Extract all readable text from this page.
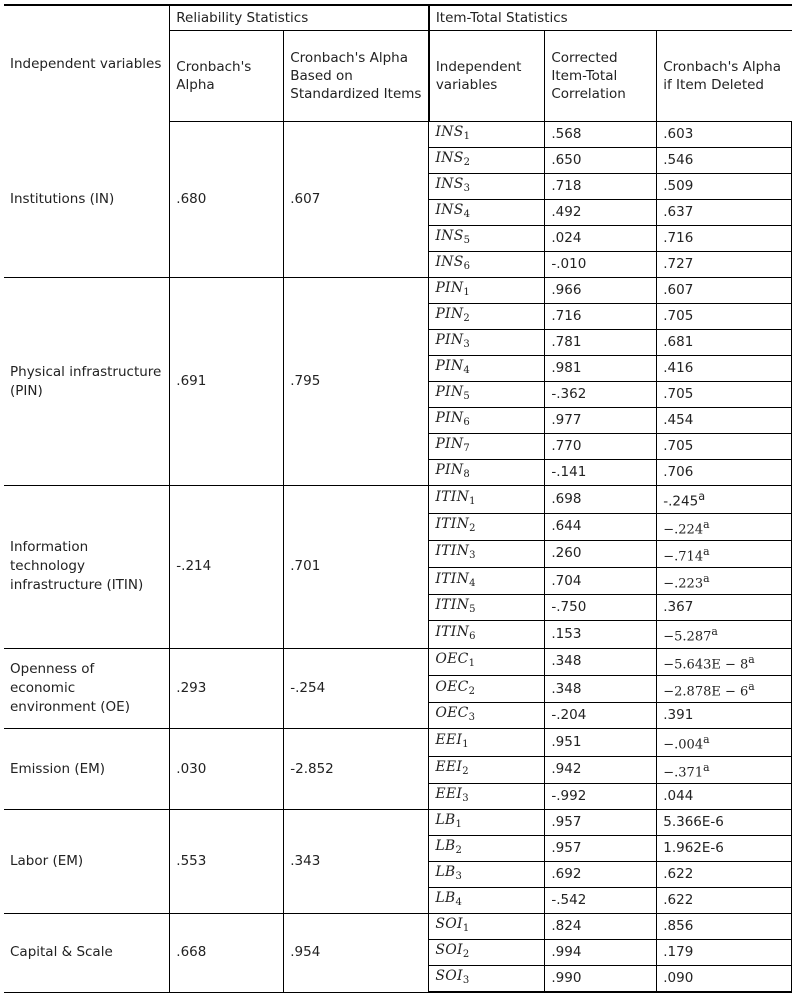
Independent variables	Reliability Statistics		Item-Total Statistics		
	Cronbach's Alpha	Cronbach's Alpha Based on Standardized Items	Independent variables	Corrected Item-Total Correlation	Cronbach's Alpha if Item Deleted
Institutions (IN)	.680	.607	$INS_1$	.568	.603
			$INS_2$	.650	.546
			$INS_3$	.718	.509
			$INS_4$	.492	.637
			$INS_5$	.024	.716
			$INS_6$	-.010	.727
Physical infrastructure (PIN)	.691	.795	$PIN_1$	.966	.607
			$PIN_2$	.716	.705
			$PIN_3$	.781	.681
			$PIN_4$	.981	.416
			$PIN_5$	-.362	.705
			$PIN_6$	.977	.454
			$PIN_7$	.770	.705
			$PIN_8$	-.141	.706
Information technology infrastructure (ITIN)	-.214	.701	$ITIN_1$	.698	-.245$^a$
			$ITIN_2$	.644	−.224$^a$
			$ITIN_3$	.260	−.714$^a$
			$ITIN_4$	.704	−.223$^a$
			$ITIN_5$	-.750	.367
			$ITIN_6$	.153	−5.287$^a$
Openness of economic environment (OE)	.293	-.254	$OEC_1$	.348	$-5.643E - 8^a$
			$OEC_2$	.348	$-2.878E - 6^a$
			$OEC_3$	-.204	.391
Emission (EM)	.030	-2.852	$EEI_1$	.951	−.004$^a$
			$EEI_2$	.942	−.371$^a$
			$EEI_3$	-.992	.044
Labor (EM)	.553	.343	$LB_1$	.957	5.366E-6
			$LB_2$	.957	1.962E-6
			$LB_3$	.692	.622
			$LB_4$	-.542	.622
Capital & Scale	.668	.954	$SOI_1$	.824	.856
			$SOI_2$	.994	.179
			$SOI_3$	.990	.090
